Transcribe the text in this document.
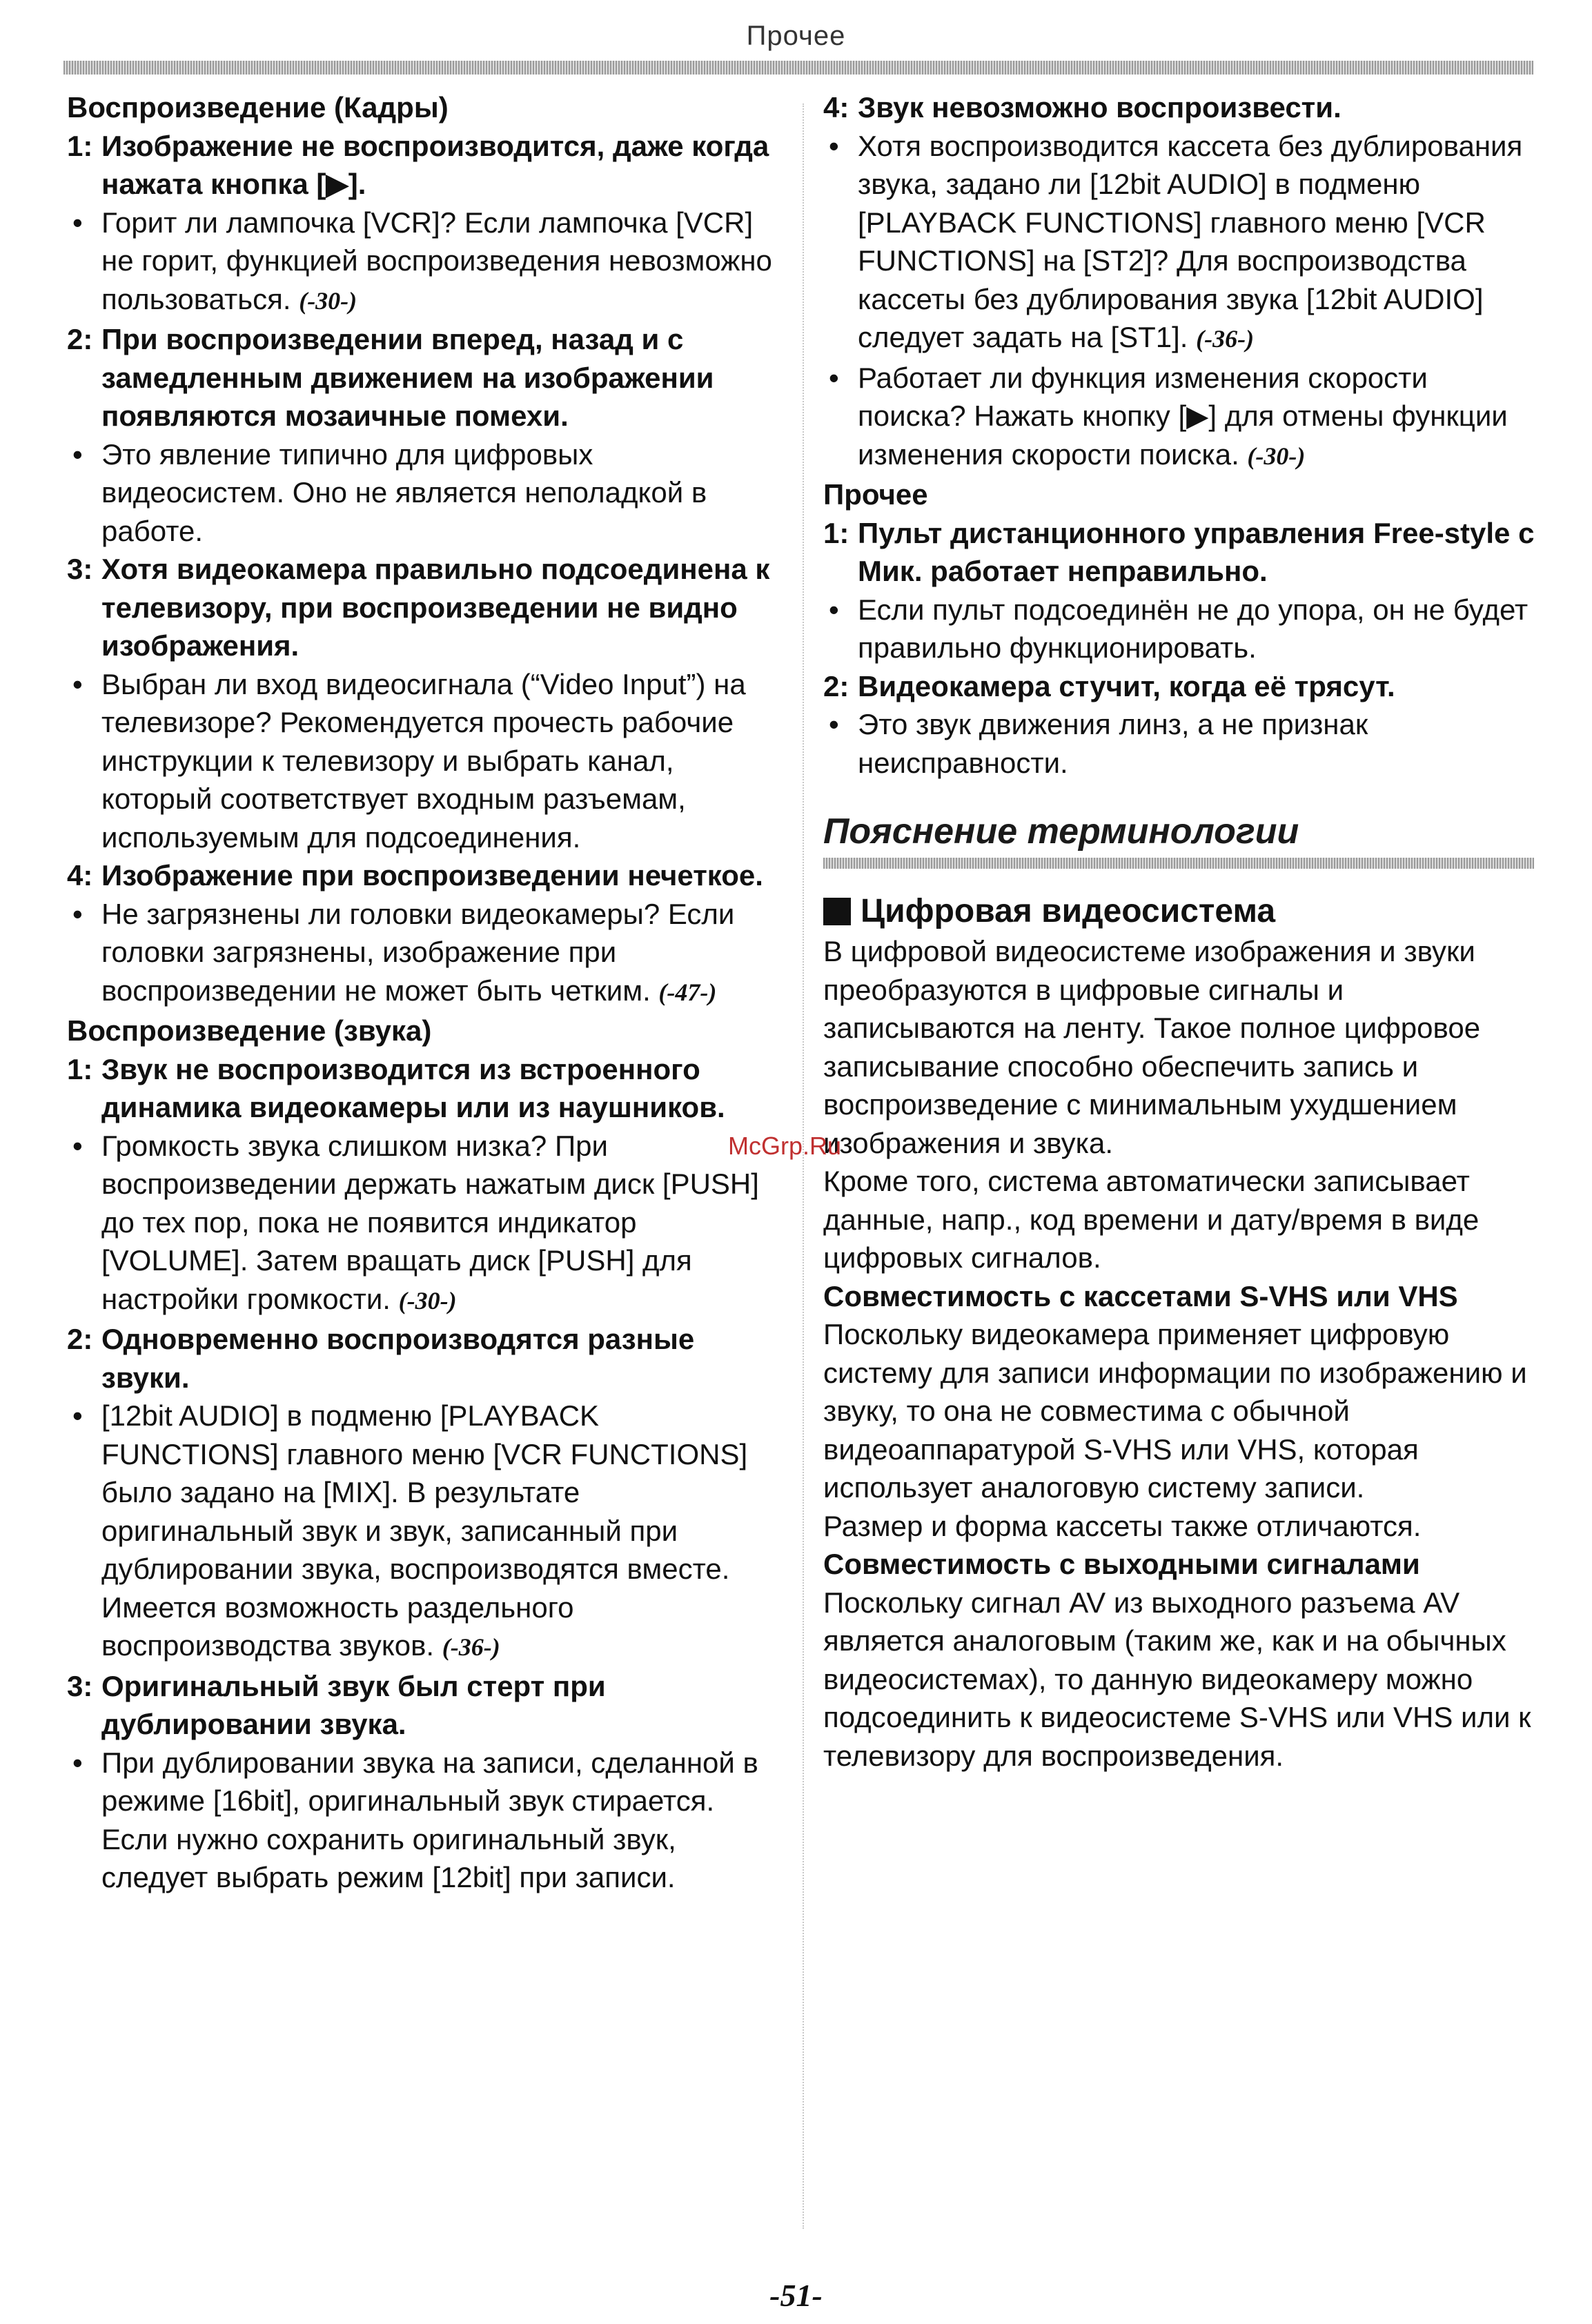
Прочее
Воспроизведение (Кадры)
1: Изображение не воспроизводится, даже когда нажата кнопка [▶].
• Горит ли лампочка [VCR]? Если лампочка [VCR] не горит, функцией воспроизведения невозможно пользоваться. (-30-)
2: При воспроизведении вперед, назад и с замедленным движением на изображении появляются мозаичные помехи.
• Это явление типично для цифровых видеосистем. Оно не является неполадкой в работе.
3: Хотя видеокамера правильно подсоединена к телевизору, при воспроизведении не видно изображения.
• Выбран ли вход видеосигнала (“Video Input”) на телевизоре? Рекомендуется прочесть рабочие инструкции к телевизору и выбрать канал, который соответствует входным разъемам, используемым для подсоединения.
4: Изображение при воспроизведении нечеткое.
• Не загрязнены ли головки видеокамеры? Если головки загрязнены, изображение при воспроизведении не может быть четким. (-47-)
Воспроизведение (звука)
1: Звук не воспроизводится из встроенного динамика видеокамеры или из наушников.
• Громкость звука слишком низка? При воспроизведении держать нажатым диск [PUSH] до тех пор, пока не появится индикатор [VOLUME]. Затем вращать диск [PUSH] для настройки громкости. (-30-)
2: Одновременно воспроизводятся разные звуки.
• [12bit AUDIO] в подменю [PLAYBACK FUNCTIONS] главного меню [VCR FUNCTIONS] было задано на [MIX]. В результате оригинальный звук и звук, записанный при дублировании звука, воспроизводятся вместе. Имеется возможность раздельного воспроизводства звуков. (-36-)
3: Оригинальный звук был стерт при дублировании звука.
• При дублировании звука на записи, сделанной в режиме [16bit], оригинальный звук стирается. Если нужно сохранить оригинальный звук, следует выбрать режим [12bit] при записи.
4: Звук невозможно воспроизвести.
• Хотя воспроизводится кассета без дублирования звука, задано ли [12bit AUDIO] в подменю [PLAYBACK FUNCTIONS] главного меню [VCR FUNCTIONS] на [ST2]? Для воспроизводства кассеты без дублирования звука [12bit AUDIO] следует задать на [ST1]. (-36-)
• Работает ли функция изменения скорости поиска? Нажать кнопку [▶] для отмены функции изменения скорости поиска. (-30-)
Прочее
1: Пульт дистанционного управления Free-style с Мик. работает неправильно.
• Если пульт подсоединён не до упора, он не будет правильно функционировать.
2: Видеокамера стучит, когда её трясут.
• Это звук движения линз, а не признак неисправности.
Пояснение терминологии
Цифровая видеосистема
В цифровой видеосистеме изображения и звуки преобразуются в цифровые сигналы и записываются на ленту. Такое полное цифровое записывание способно обеспечить запись и воспроизведение с минимальным ухудшением изображения и звука.
Кроме того, система автоматически записывает данные, напр., код времени и дату/время в виде цифровых сигналов.
Совместимость с кассетами S-VHS или VHS
Поскольку видеокамера применяет цифровую систему для записи информации по изображению и звуку, то она не совместима с обычной видеоаппаратурой S-VHS или VHS, которая использует аналоговую систему записи.
Размер и форма кассеты также отличаются.
Совместимость с выходными сигналами
Поскольку сигнал AV из выходного разъема AV является аналоговым (таким же, как и на обычных видеосистемах), то данную видеокамеру можно подсоединить к видеосистеме S-VHS или VHS или к телевизору для воспроизведения.
McGrp.Ru
-51-
